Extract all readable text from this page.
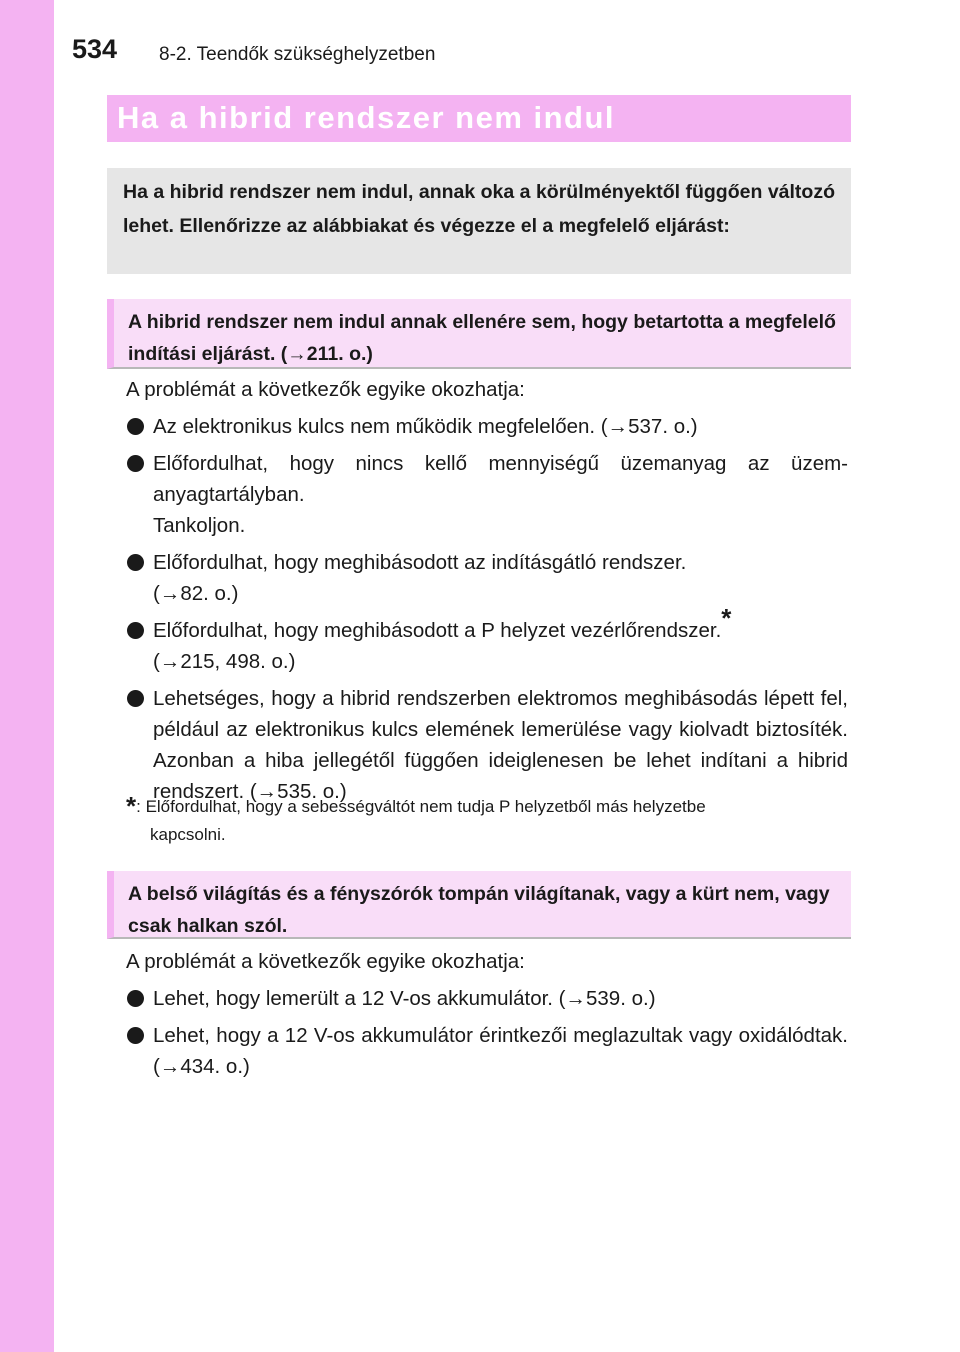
534 8-2. Teendők szükséghelyzetben
Ha a hibrid rendszer nem indul

Ha a hibrid rendszer nem indul, annak oka a körülményektől függően változó lehet. Ellenőrizze az alábbiakat és végezze el a megfelelő eljárást:

A hibrid rendszer nem indul annak ellenére sem, hogy betartotta a megfelelő indítási eljárást. (→211. o.)

A problémát a következők egyike okozhatja:

Az elektronikus kulcs nem működik megfelelően. (→537. o.)
Előfordulhat, hogy nincs kellő mennyiségű üzemanyag az üzemanyagtartályban.
Tankoljon.
Előfordulhat, hogy meghibásodott az indításgátló rendszer.
(→82. o.)
Előfordulhat, hogy meghibásodott a P helyzet vezérlőrendszer.*
(→215, 498. o.)
Lehetséges, hogy a hibrid rendszerben elektromos meghibásodás lépett fel, például az elektronikus kulcs elemének lemerülése vagy kiolvadt biztosíték. Azonban a hiba jellegétől függően ideiglenesen be lehet indítani a hibrid rendszert. (→535. o.)
*: Előfordulhat, hogy a sebességváltót nem tudja P helyzetből más helyzetbe
kapcsolni.

A belső világítás és a fényszórók tompán világítanak, vagy a kürt nem, vagy csak halkan szól.

A problémát a következők egyike okozhatja:

Lehet, hogy lemerült a 12 V-os akkumulátor. (→539. o.)
Lehet, hogy a 12 V-os akkumulátor érintkezői meglazultak vagy oxidálódtak. (→434. o.)
